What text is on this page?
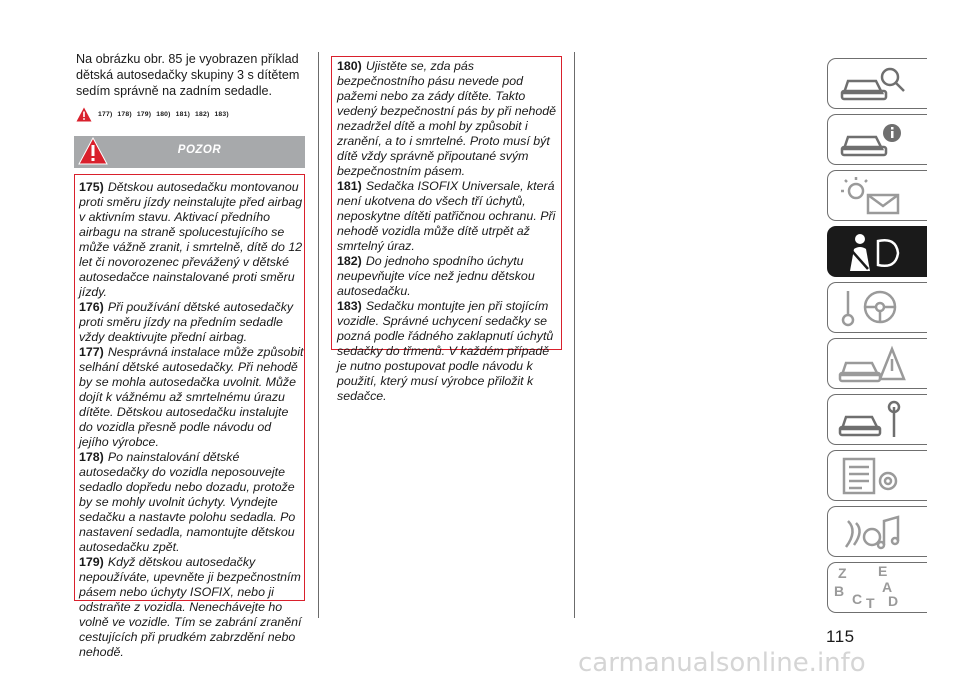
Na obrázku obr. 85 je vyobrazen příklad dětská autosedačky skupiny 3 s dítětem sedím správně na zadním sedadle.
177) 178) 179) 180) 181) 182) 183)
POZOR

175) Dětskou autosedačku montovanou proti směru jízdy neinstalujte před airbag v aktivním stavu. Aktivací předního airbagu na straně spolucestujícího se může vážně zranit, i smrtelně, dítě do 12 let či novorozenec převážený v dětské autosedačce nainstalované proti směru jízdy.

176) Při používání dětské autosedačky proti směru jízdy na předním sedadle vždy deaktivujte přední airbag.

177) Nesprávná instalace může způsobit selhání dětské autosedačky. Při nehodě by se mohla autosedačka uvolnit. Může dojít k vážnému až smrtelnému úrazu dítěte. Dětskou autosedačku instalujte do vozidla přesně podle návodu od jejího výrobce.

178) Po nainstalování dětské autosedačky do vozidla neposouvejte sedadlo dopředu nebo dozadu, protože by se mohly uvolnit úchyty. Vyndejte sedačku a nastavte polohu sedadla. Po nastavení sedadla, namontujte dětskou autosedačku zpět.

179) Když dětskou autosedačky nepoužíváte, upevněte ji bezpečnostním pásem nebo úchyty ISOFIX, nebo ji odstraňte z vozidla. Nenechávejte ho volně ve vozidle. Tím se zabrání zranění cestujících při prudkém zabrzdění nebo nehodě.

180) Ujistěte se, zda pás bezpečnostního pásu nevede pod pažemi nebo za zády dítěte. Takto vedený bezpečnostní pás by při nehodě nezadržel dítě a mohl by způsobit i zranění, a to i smrtelné. Proto musí být dítě vždy správně připoutané svým bezpečnostním pásem.

181) Sedačka ISOFIX Universale, která není ukotvena do všech tří úchytů, neposkytne dítěti patřičnou ochranu. Při nehodě vozidla může dítě utrpět až smrtelný úraz.

182) Do jednoho spodního úchytu neupevňujte více než jednu dětskou autosedačku.

183) Sedačku montujte jen při stojícím vozidle. Správné uchycení sedačky se pozná podle řádného zaklapnutí úchytů sedačky do třmenů. V každém případě je nutno postupovat podle návodu k použití, který musí výrobce přiložit k sedačce.

Z E
A
B C T D
115
carmanualsonline.info
